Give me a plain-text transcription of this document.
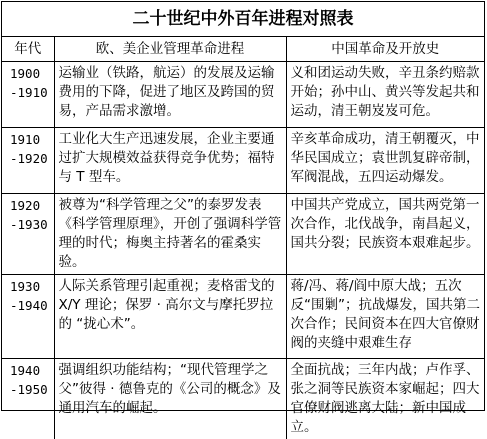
二十世纪中外百年进程对照表
年代	欧、美企业管理革命进程	中国革命及开放史
1900
-1910	运输业（铁路，航运）的发展及运输费用的下降，促进了地区及跨国的贸易，产品需求激增。	义和团运动失败，辛丑条约赔款开始；孙中山、黄兴等发起共和运动，清王朝岌岌可危。
1910
-1920	工业化大生产迅速发展，企业主要通过扩大规模效益获得竞争优势；福特与 T 型车。	辛亥革命成功，清王朝覆灭，中华民国成立；袁世凯复辟帝制，军阀混战，五四运动爆发。
1920
-1930	被尊为“科学管理之父”的泰罗发表《科学管理原理》，开创了强调科学管理的时代；梅奥主持著名的霍桑实验。	中国共产党成立，国共两党第一次合作，北伐战争，南昌起义，国共分裂；民族资本艰难起步。
1930
-1940	人际关系管理引起重视；麦格雷戈的 X/Y 理论；保罗 · 高尔文与摩托罗拉的 “拢心术”。	蒋/冯、蒋/阎中原大战；五次反“围剿”；抗战爆发，国共第二次合作；民间资本在四大官僚财阀的夹缝中艰难生存
1940
-1950	强调组织功能结构；“现代管理学之父”彼得 · 德鲁克的《公司的概念》及通用汽车的崛起。	全面抗战；三年内战；卢作孚、张之洞等民族资本家崛起；四大官僚财阀逃离大陆；新中国成立。
